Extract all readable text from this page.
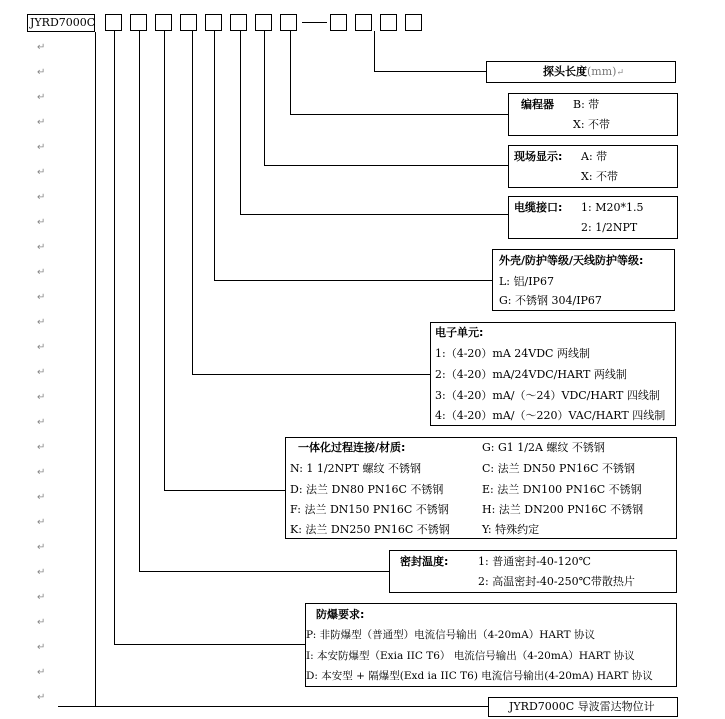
↵
↵
↵
↵
↵
↵
↵
↵
↵
↵
↵
↵
↵
↵
↵
↵
↵
↵
↵
↵
↵
↵
↵
↵
↵
↵
↵
JYRD7000C
探头长度(mm)↵
编程器 B: 带
X: 不带
现场显示: A: 带
X: 不带
电缆接口: 1: M20*1.5
2: 1/2NPT
外壳/防护等级/天线防护等级:
L: 铝/IP67
G: 不锈钢 304/IP67
电子单元:
1:（4-20）mA 24VDC 两线制
2:（4-20）mA/24VDC/HART 两线制
3:（4-20）mA/（～24）VDC/HART 四线制
4:（4-20）mA/（～220）VAC/HART 四线制
一体化过程连接/材质:	G: G1 1/2A 螺纹 不锈钢
N: 1 1/2NPT 螺纹 不锈钢	C: 法兰 DN50 PN16C 不锈钢
D: 法兰 DN80 PN16C 不锈钢	E: 法兰 DN100 PN16C 不锈钢
F: 法兰 DN150 PN16C 不锈钢	H: 法兰 DN200 PN16C 不锈钢
K: 法兰 DN250 PN16C 不锈钢	Y: 特殊约定
密封温度:	1: 普通密封-40-120℃
2: 高温密封-40-250℃带散热片
防爆要求:
P: 非防爆型（普通型）电流信号输出（4-20mA）HART 协议
I: 本安防爆型（Exia IIC T6） 电流信号输出（4-20mA）HART 协议
D: 本安型 + 隔爆型(Exd ia IIC T6) 电流信号输出(4-20mA) HART 协议
JYRD7000C 导波雷达物位计
